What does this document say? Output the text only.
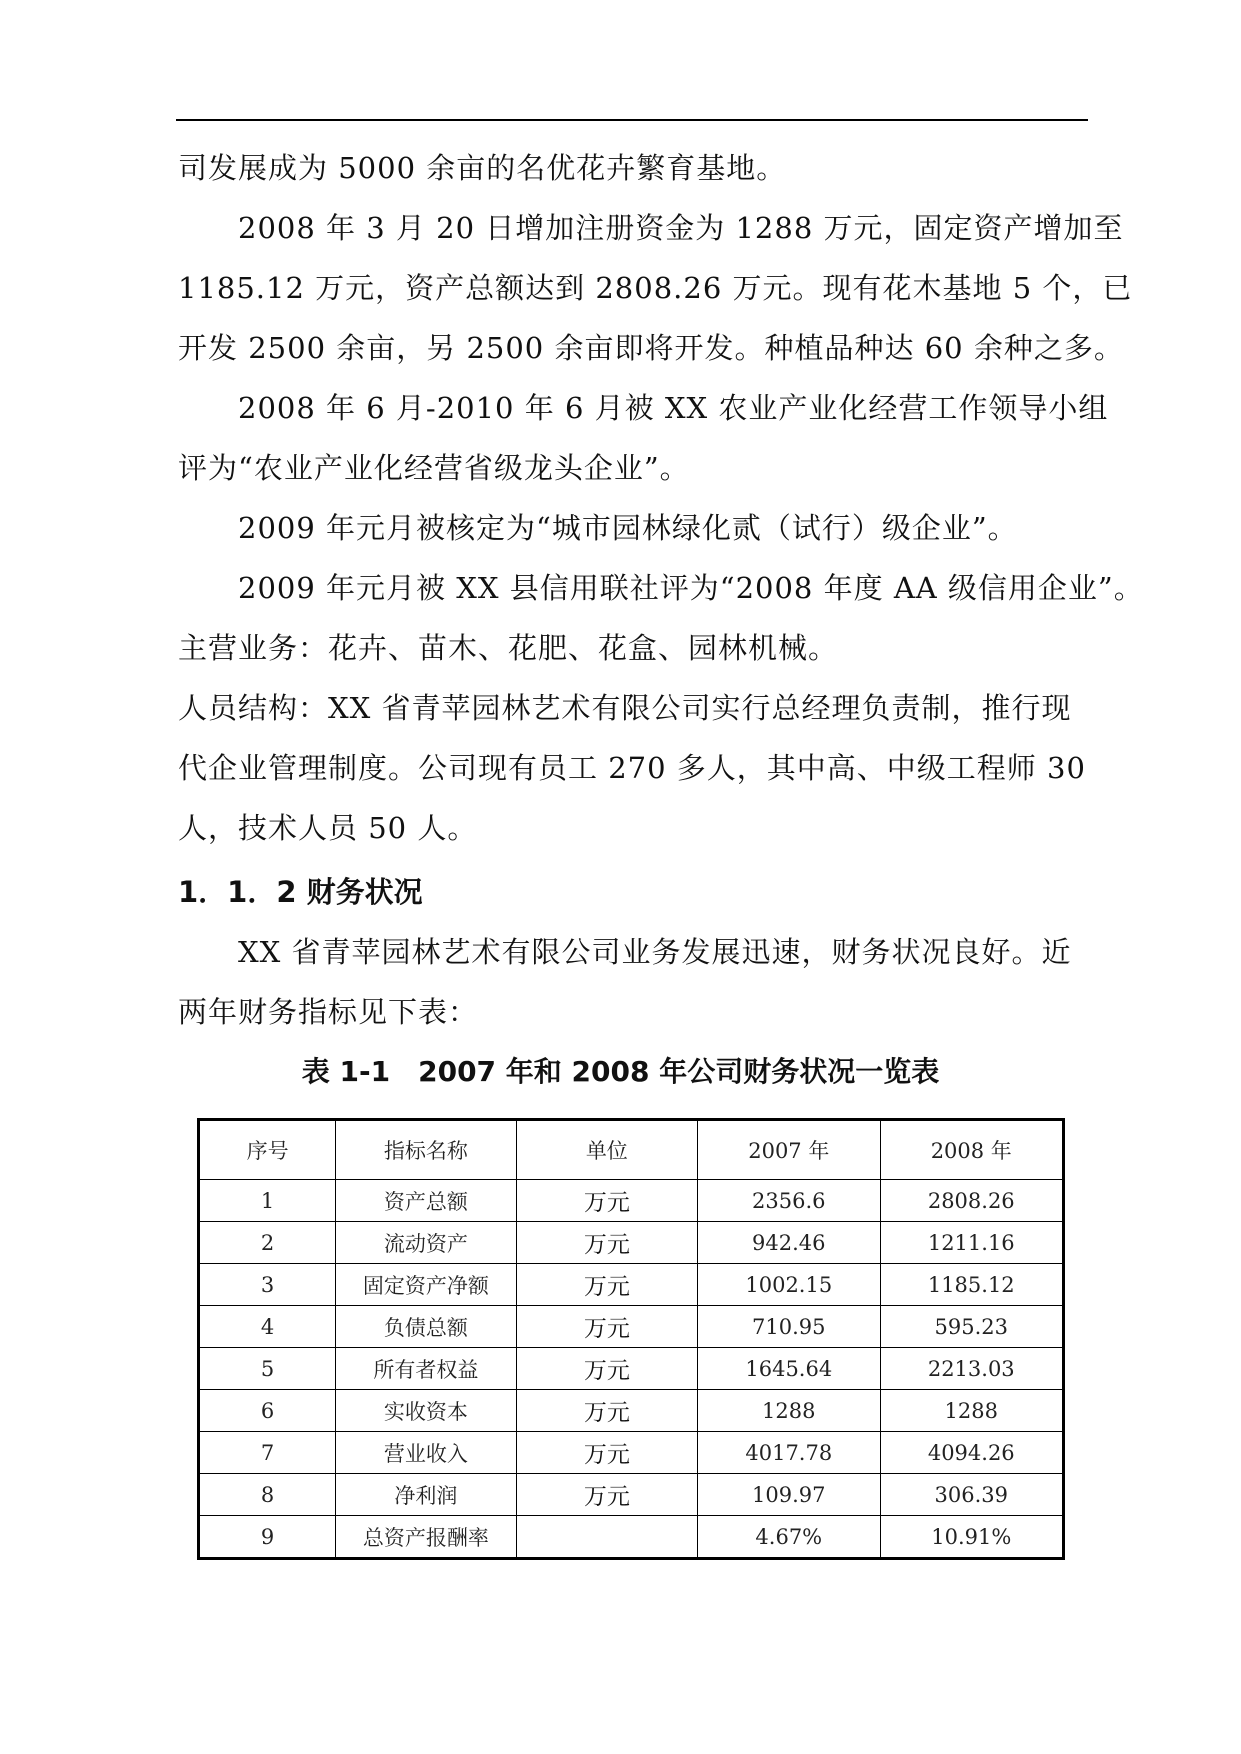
司发展成为 5000 余亩的名优花卉繁育基地。
2008 年 3 月 20 日增加注册资金为 1288 万元，固定资产增加至
1185.12 万元，资产总额达到 2808.26 万元。现有花木基地 5 个，已
开发 2500 余亩，另 2500 余亩即将开发。种植品种达 60 余种之多。
2008 年 6 月-2010 年 6 月被 XX 农业产业化经营工作领导小组
评为“农业产业化经营省级龙头企业”。
2009 年元月被核定为“城市园林绿化贰（试行）级企业”。
2009 年元月被 XX 县信用联社评为“2008 年度 AA 级信用企业”。
主营业务：花卉、苗木、花肥、花盒、园林机械。
人员结构：XX 省青苹园林艺术有限公司实行总经理负责制，推行现
代企业管理制度。公司现有员工 270 多人，其中高、中级工程师 30
人，技术人员 50 人。
1．1．2 财务状况
XX 省青苹园林艺术有限公司业务发展迅速，财务状况良好。近
两年财务指标见下表：
表 1-1　2007 年和 2008 年公司财务状况一览表
序号	指标名称	单位	2007 年	2008 年
1	资产总额	万元	2356.6	2808.26
2	流动资产	万元	942.46	1211.16
3	固定资产净额	万元	1002.15	1185.12
4	负债总额	万元	710.95	595.23
5	所有者权益	万元	1645.64	2213.03
6	实收资本	万元	1288	1288
7	营业收入	万元	4017.78	4094.26
8	净利润	万元	109.97	306.39
9	总资产报酬率		4.67%	10.91%
